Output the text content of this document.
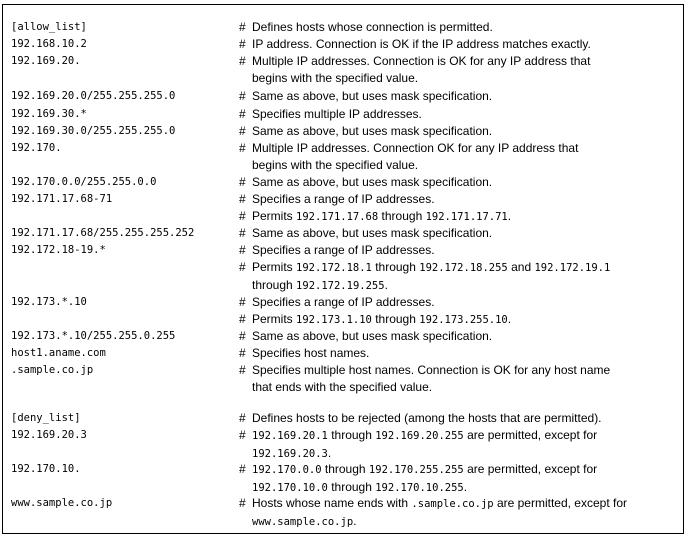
[allow_list]	# Defines hosts whose connection is permitted.
192.168.10.2	# IP address. Connection is OK if the IP address matches exactly.
192.169.20.	# Multiple IP addresses. Connection is OK for any IP address that
begins with the specified value.
192.169.20.0/255.255.255.0	# Same as above, but uses mask specification.
192.169.30.*	# Specifies multiple IP addresses.
192.169.30.0/255.255.255.0	# Same as above, but uses mask specification.
192.170.	# Multiple IP addresses. Connection OK for any IP address that
begins with the specified value.
192.170.0.0/255.255.0.0	# Same as above, but uses mask specification.
192.171.17.68-71	# Specifies a range of IP addresses.
# Permits 192.171.17.68 through 192.171.17.71.
192.171.17.68/255.255.255.252	# Same as above, but uses mask specification.
192.172.18-19.*	# Specifies a range of IP addresses.
# Permits 192.172.18.1 through 192.172.18.255 and 192.172.19.1
through 192.172.19.255.
192.173.*.10	# Specifies a range of IP addresses.
# Permits 192.173.1.10 through 192.173.255.10.
192.173.*.10/255.255.0.255	# Same as above, but uses mask specification.
host1.aname.com	# Specifies host names.
.sample.co.jp	# Specifies multiple host names. Connection is OK for any host name
that ends with the specified value.
[deny_list]	# Defines hosts to be rejected (among the hosts that are permitted).
192.169.20.3	# 192.169.20.1 through 192.169.20.255 are permitted, except for
192.169.20.3.
192.170.10.	# 192.170.0.0 through 192.170.255.255 are permitted, except for
192.170.10.0 through 192.170.10.255.
www.sample.co.jp	# Hosts whose name ends with .sample.co.jp are permitted, except for
www.sample.co.jp.
